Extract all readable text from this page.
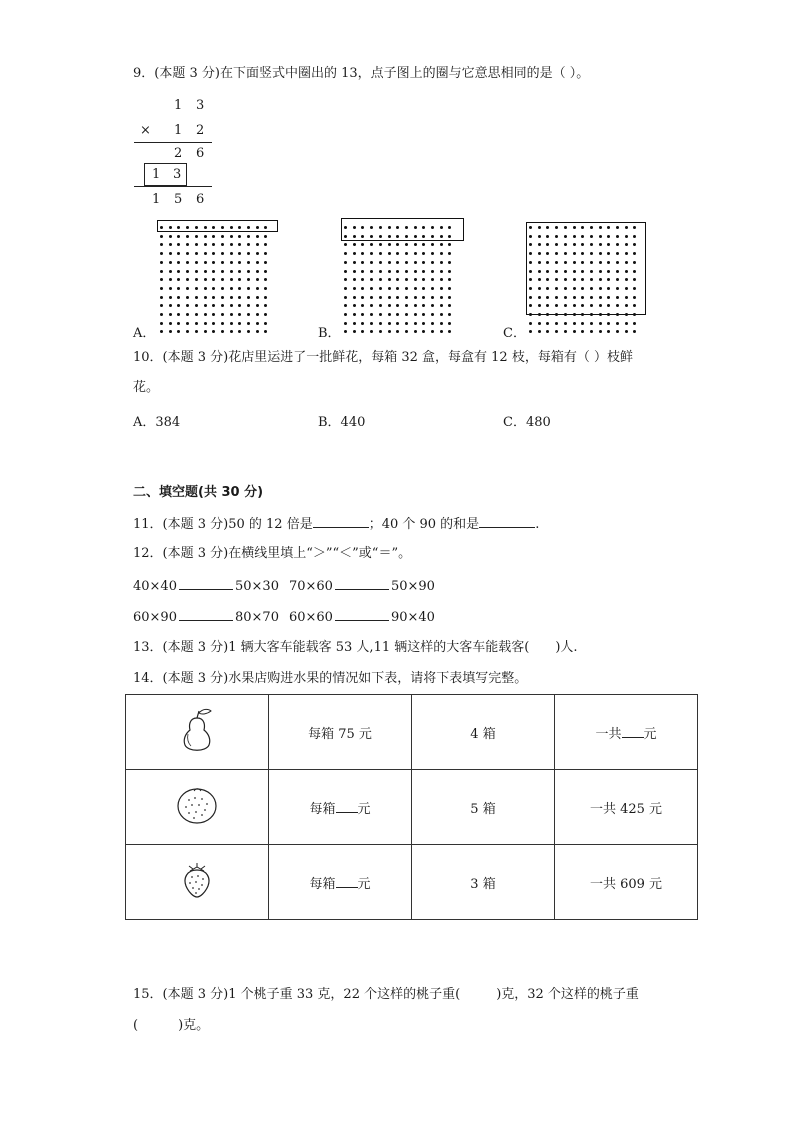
9．(本题 3 分)在下面竖式中圈出的 13，点子图上的圈与它意思相同的是（ ）。
1 3
× 1 2
2 6
1 3
1 5 6
A．	B．	C．
10．(本题 3 分)花店里运进了一批鲜花，每箱 32 盒，每盒有 12 枝，每箱有（ ）枝鲜
花。
A．384	B．440	C．480
二、填空题(共 30 分)
11．(本题 3 分)50 的 12 倍是	；40 个 90 的和是	.
12．(本题 3 分)在横线里填上“＞”“＜”或“＝”。
40×40	50×30 70×60	50×90
60×90	80×70 60×60	90×40
13．(本题 3 分)1 辆大客车能载客 53 人,11 辆这样的大客车能载客( )人.
14．(本题 3 分)水果店购进水果的情况如下表，请将下表填写完整。
	每箱 75 元	4 箱	一共 元
	每箱 元	5 箱	一共 425 元
	每箱 元	3 箱	一共 609 元
15．(本题 3 分)1 个桃子重 33 克，22 个这样的桃子重(	)克，32 个这样的桃子重
(	)克。
